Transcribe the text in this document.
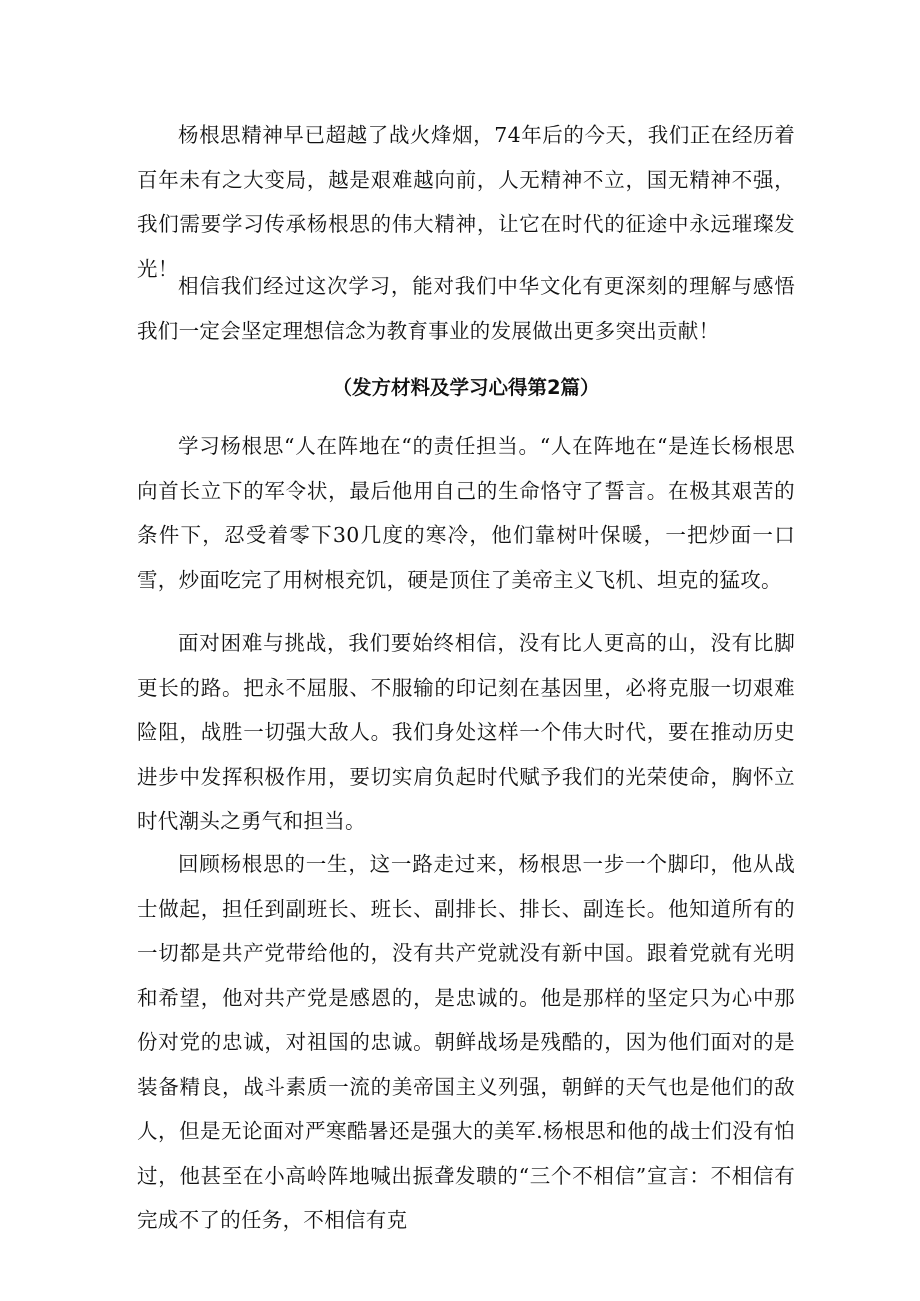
杨根思精神早已超越了战火烽烟，74年后的今天，我们正在经历着百年未有之大变局，越是艰难越向前，人无精神不立，国无精神不强，我们需要学习传承杨根思的伟大精神，让它在时代的征途中永远璀璨发光！

相信我们经过这次学习，能对我们中华文化有更深刻的理解与感悟我们一定会坚定理想信念为教育事业的发展做出更多突出贡献！

（发方材料及学习心得第2篇）

学习杨根思“人在阵地在“的责任担当。“人在阵地在“是连长杨根思向首长立下的军令状，最后他用自己的生命恪守了誓言。在极其艰苦的条件下，忍受着零下30几度的寒冷，他们靠树叶保暖，一把炒面一口雪，炒面吃完了用树根充饥，硬是顶住了美帝主义飞机、坦克的猛攻。

面对困难与挑战，我们要始终相信，没有比人更高的山，没有比脚更长的路。把永不屈服、不服输的印记刻在基因里，必将克服一切艰难险阻，战胜一切强大敌人。我们身处这样一个伟大时代，要在推动历史进步中发挥积极作用，要切实肩负起时代赋予我们的光荣使命，胸怀立时代潮头之勇气和担当。

回顾杨根思的一生，这一路走过来，杨根思一步一个脚印，他从战士做起，担任到副班长、班长、副排长、排长、副连长。他知道所有的一切都是共产党带给他的，没有共产党就没有新中国。跟着党就有光明和希望，他对共产党是感恩的，是忠诚的。他是那样的坚定只为心中那份对党的忠诚，对祖国的忠诚。朝鲜战场是残酷的，因为他们面对的是装备精良，战斗素质一流的美帝国主义列强，朝鲜的天气也是他们的敌人，但是无论面对严寒酷暑还是强大的美军.杨根思和他的战士们没有怕过，他甚至在小高岭阵地喊出振聋发聩的“三个不相信”宣言：不相信有完成不了的任务，不相信有克
